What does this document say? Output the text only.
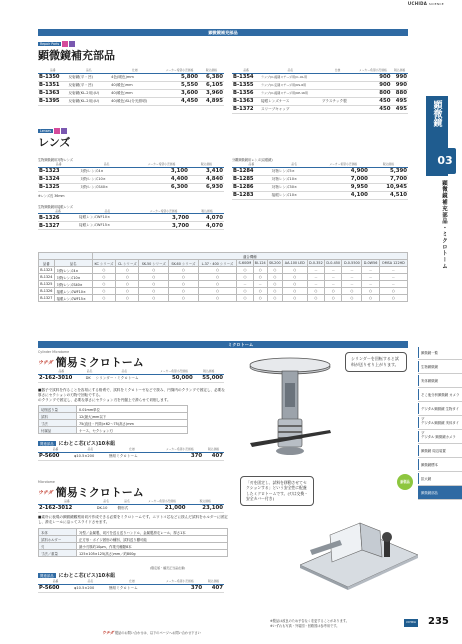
UCHIDA SCIENCE
顕微鏡補充部品
Repair Parts
顕微鏡補充部品
品番	品名	仕様	メーカー希望小売価格	税込価格
B-1350	反射鏡(平・凹)	4色(暖色)mm	5,800	6,380
B-1351	反射鏡(平・凹)	40(暖色)mm	5,550	6,105
B-1363	反射鏡(KL-2用)(U)	40(暖色)mm	3,600	3,960
B-1395	反射鏡(KL-2用)(U)	40(暖色)SL(分光照明)	4,450	4,895
品番	品名	仕様	メーカー希望小売価格	税込価格
B-1354	ランプ(C.後期ステージ用)C.-KL用		900	990
B-1355	ランプ(C.定期ステージ用)KS-6用		900	990
B-1356	ランプ(C.後期ステージ用)KP-16用		800	880
B-1363	接眼レンズケース	プラスチック製	450	495
B-1372	スリーブキャップ		450	495
Lenses
レンズ
生物顕微鏡用対物レンズ
品番	品名	メーカー希望小売価格	税込価格
B-1323	対物レンズ4×	3,100	3,410
B-1324	対物レンズ10×	4,400	4,840
B-1325	対物レンズS40×	6,300	6,930
※レンズ長 36mm
生物顕微鏡用接眼レンズ
品番	品名	メーカー希望小売価格	税込価格
B-1326	接眼レンズWF10×	3,700	4,070
B-1327	接眼レンズWF15×	3,700	4,070
分離顕微鏡用レンズ(双眼鏡)
品番	品名	メーカー希望小売価格	税込価格
B-1284	対物レンズ5×	4,900	5,390
B-1285	対物レンズ10×	7,000	7,700
B-1286	対物レンズ30×	9,950	10,945
B-1283	接眼レンズ10×	4,100	4,510
		適合機種													
品番	品名	KC シリーズ	CL シリーズ	SK-50 シリーズ	SK-60 シリーズ	L-37・400 シリーズ	S-600M	BI-124	SK-200	AA-100 LED	D-0-352	D-0-450	D-0-5500	D-0W56	OMSA 122HD
B-1323	対物レンズ4×	○	○	○	○	○	○	○	○	○	－	－	－	－	－
B-1324	対物レンズ10×	○	○	○	○	○	○	○	○	○	－	－	－	－	－
B-1325	対物レンズS40×	○	○	○	○	○	－	－	○	○	－	－	－	－	－
B-1326	接眼レンズWF10×	○	○	○	○	○	○	○	○	○	○	○	○	○	○
B-1327	接眼レンズWF15×	○	○	○	○	○	○	○	○	○	○	○	○	○	○
ミクロトーム
Cylinder Microtome
ウチダ 簡易ミクロトーム
品番	品名	品名	メーカー希望小売価格	税込価格
2-162-3010	DK	シリンダー・ミクロトーム	50,000	55,000
■器子で試料を作ることを容易にする格責で、試料をミクロトーゼなどで挟み、円筒内のクランプで固定し、必要な厚さにセクションの刃物で回転でする。
のクランプで固定し、必要な厚さにセクション刃を円盤上で滑らせて切削します。
切削送り量	0.01mm単位
試料	12(最大)mm以下
寸法	75(直径・円筒)×62～75(高さ)mm
付属品	ケース、セクション刃
関連部品	にわとこ芯(ビス)10本組
品番	品名	仕様	メーカー希望小売価格	税込価格
P-5600	φ10.5×200	簡易ミクロトーム	370	407
シリンダーを回転すると試料が送りせり上がります。
Microtome
ウチダ 簡易ミクロトーム
品番	品名	品名	メーカー希望小売価格	税込価格
2-162-3012	DK-10	側形式	21,000	23,100
■素朴に表現の顕微鏡観察用切片作成できる必要をミクロトームです。ニワトコ芯などに挟んだ試料をホルダーに固定し、滑走レールに沿ってスライドさせます。
本体	対型／金属製、切片を送る送りハンドル、金属製滑走レール、厚さ1本
試料ホルダー	正方形・ボイジ固形の種別、試料送り棚可能
刃	最小刃厚約10μm、作業刃種類8本
寸法／重量	125×105×125(高さ)mm／約800g
(限定版・播売正当品在庫)
関連部品	にわとこ芯(ビス)10本組
品番	品名	仕様	メーカー希望小売価格	税込価格
P-5600	φ10.5×200	簡易ミクロトーム	370	407
「刃を固定し、試料を移動させてセクションする」という安全性に配慮したミクロトームです。(刃は交換・安全カバー付き)
新製品
顕微鏡
03
顕微鏡補充部品・ミクロトーム
顕微鏡一覧
生物顕微鏡
実体顕微鏡
そこ他分析顕微鏡 カメラ
デジタル顕微鏡 生物タイプ
デジタル顕微鏡 実体タイプ
デジタル 顕微鏡カメラ
顕微鏡 周辺装置
顕微鏡標本
拡大鏡
顕微鏡部品
ウチダ 製品のお問い合わせは、以下のページへお問い合わせ下さい
※製品は改良のため予告なく変更することがあります。
※いずれも写真・外装図・回路図は参考用です。
UCHIDA 235
